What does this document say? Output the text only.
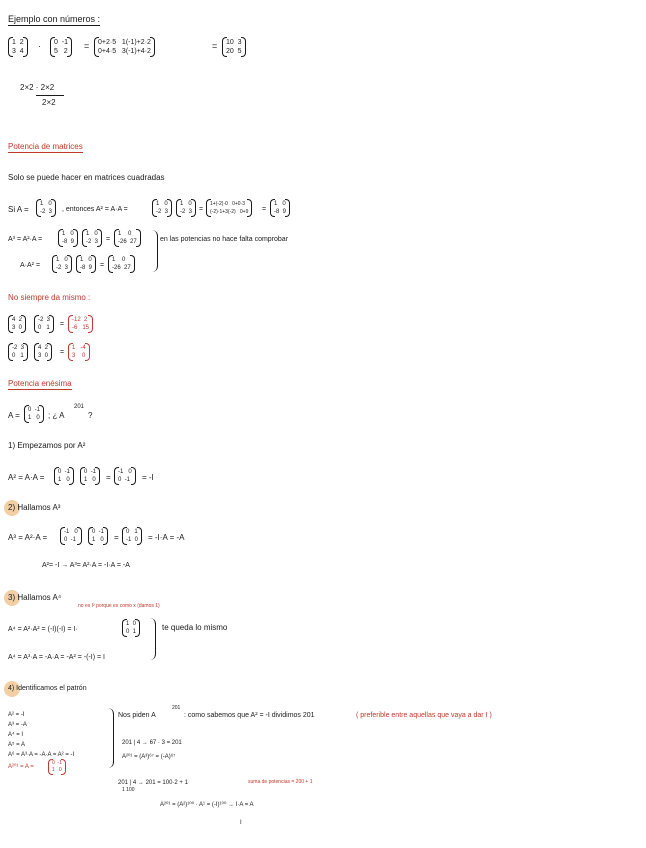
Ejemplo con números :
1  2
3  4
·	0  -1
5   2
=	0+2·5   1(-1)+2·2
0+4·5   3(-1)+4·2
=	10  3
20  5
2×2 · 2×2
2×2
Potencia de matrices
Solo se puede hacer en matrices cuadradas
Si A =
1   0
-2  3	, entonces A² = A·A =
1   0
-2  3
1   0
-2  3 =
1+(-2)·0   0+0·3
(-2)·1+3(-2)   0+9	=
1   0
-8  9
A³ = A²·A =
1   0
-8  9
1   0
-2  3	=
1    0
-26  27	en las potencias no hace falta comprobar
A·A² =
1   0
-2  3
1   0
-8  9	=
1    0
-26  27
No siempre da mismo :
4  2
3  0
-2  3
0   1	=
-12  2
-6   15
-2  3
0   1
4  2
3  0	=
1   -4
3    0
Potencia enésima
A =
0  -1
1   0	; ¿ A
201
?
1) Empezamos por A²
A² = A·A =
0  -1
1   0
0  -1
1   0	=
-1   0
0  -1	= -I
2) Hallamos A³
A³ = A²·A =
-1   0
0  -1
0  -1
1   0	=
0   1
-1  0	= -I·A = -A
A²= -I → A³= A²·A = -I·A = -A
3) Hallamos A⁴
no es I² porque es como x (damos 1)
A⁴ = A²·A² = (-I)(-I) = I·
1  0
0  1	te queda lo mismo
A⁴ = A³·A = -A·A = -A² = -(-I) = I
4) Identificamos el patrón
A² = -I
A³ = -A
A⁴ = I
A⁵ = A
A⁶ = A³·A = -A·A = A² = -I
A²⁰¹ = A =
0  -1
1   0
Nos piden A
201
: como sabemos que A² = -I dividimos 201	( preferible entre aquellas que vaya a dar I )
201 | 4 → 67 · 3 = 201
A²⁰¹ = (A³)⁶⁷ = (-A)⁶⁷
201 | 4 → 201 = 100·2 + 1
1 100
suma de potencias = 200 + 1
A²⁰¹ = (A²)¹⁰⁰ · A¹ = (-I)¹⁰⁰ → I·A = A
I
